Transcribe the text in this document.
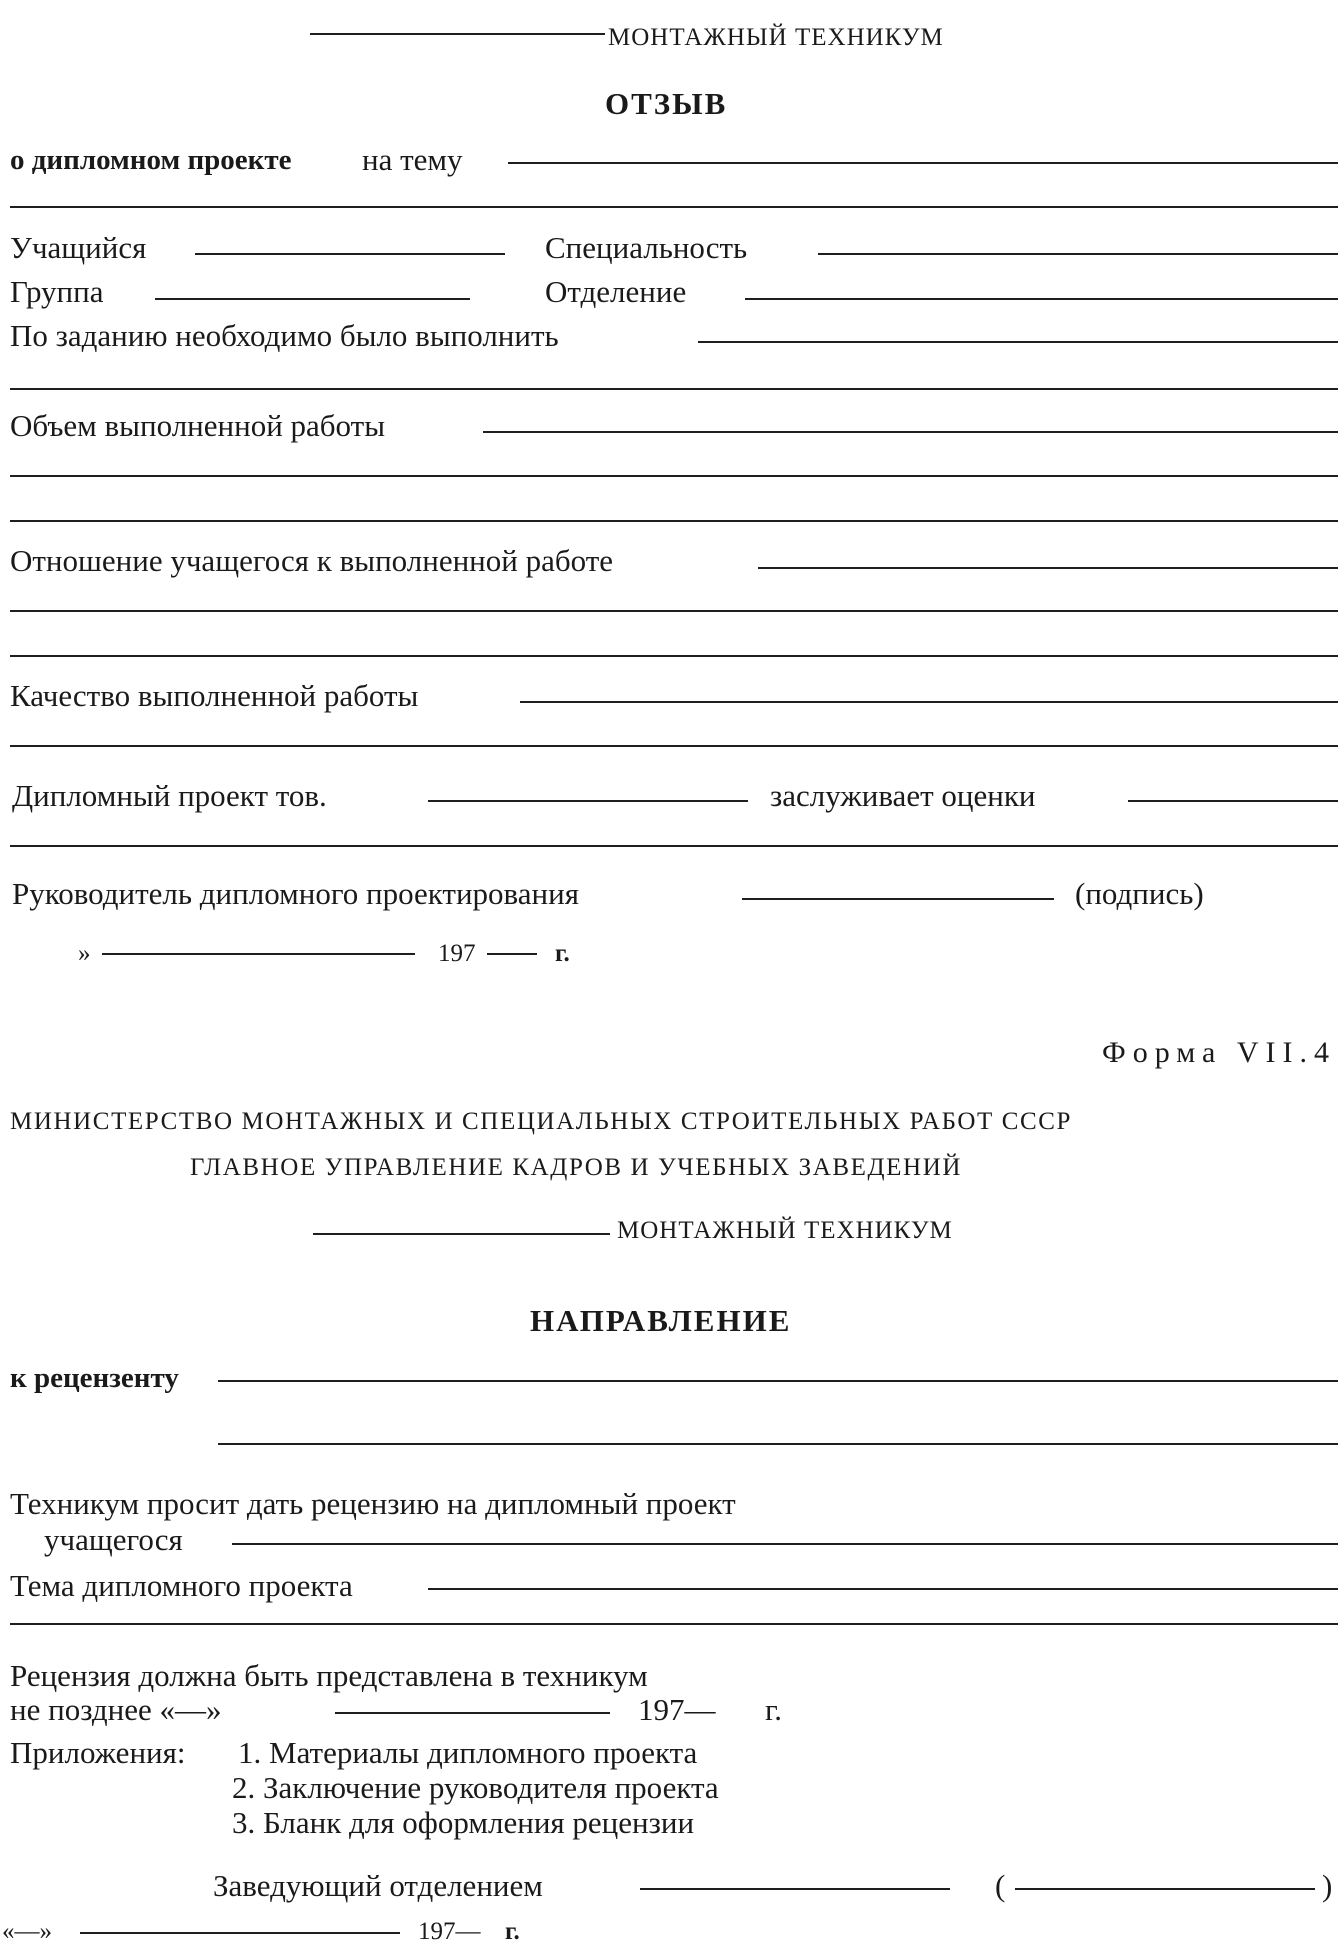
МОНТАЖНЫЙ ТЕХНИКУМ
ОТЗЫВ
о дипломном проекте на тему
Учащийся	Специальность
Группа	Отделение
По заданию необходимо было выполнить
Объем выполненной работы
Отношение учащегося к выполненной работе
Качество выполненной работы
Дипломный проект тов.	заслуживает оценки
Руководитель дипломного проектирования	(подпись)
»	197	г.
Форма VII.4
МИНИСТЕРСТВО МОНТАЖНЫХ И СПЕЦИАЛЬНЫХ СТРОИТЕЛЬНЫХ РАБОТ СССР
ГЛАВНОЕ УПРАВЛЕНИЕ КАДРОВ И УЧЕБНЫХ ЗАВЕДЕНИЙ
МОНТАЖНЫЙ ТЕХНИКУМ
НАПРАВЛЕНИЕ
к рецензенту
Техникум просит дать рецензию на дипломный проект
учащегося
Тема дипломного проекта
Рецензия должна быть представлена в техникум
не позднее «—»	197— г.
Приложения: 1. Материалы дипломного проекта
2. Заключение руководителя проекта
3. Бланк для оформления рецензии
Заведующий отделением	(	)
«—»	197— г.
